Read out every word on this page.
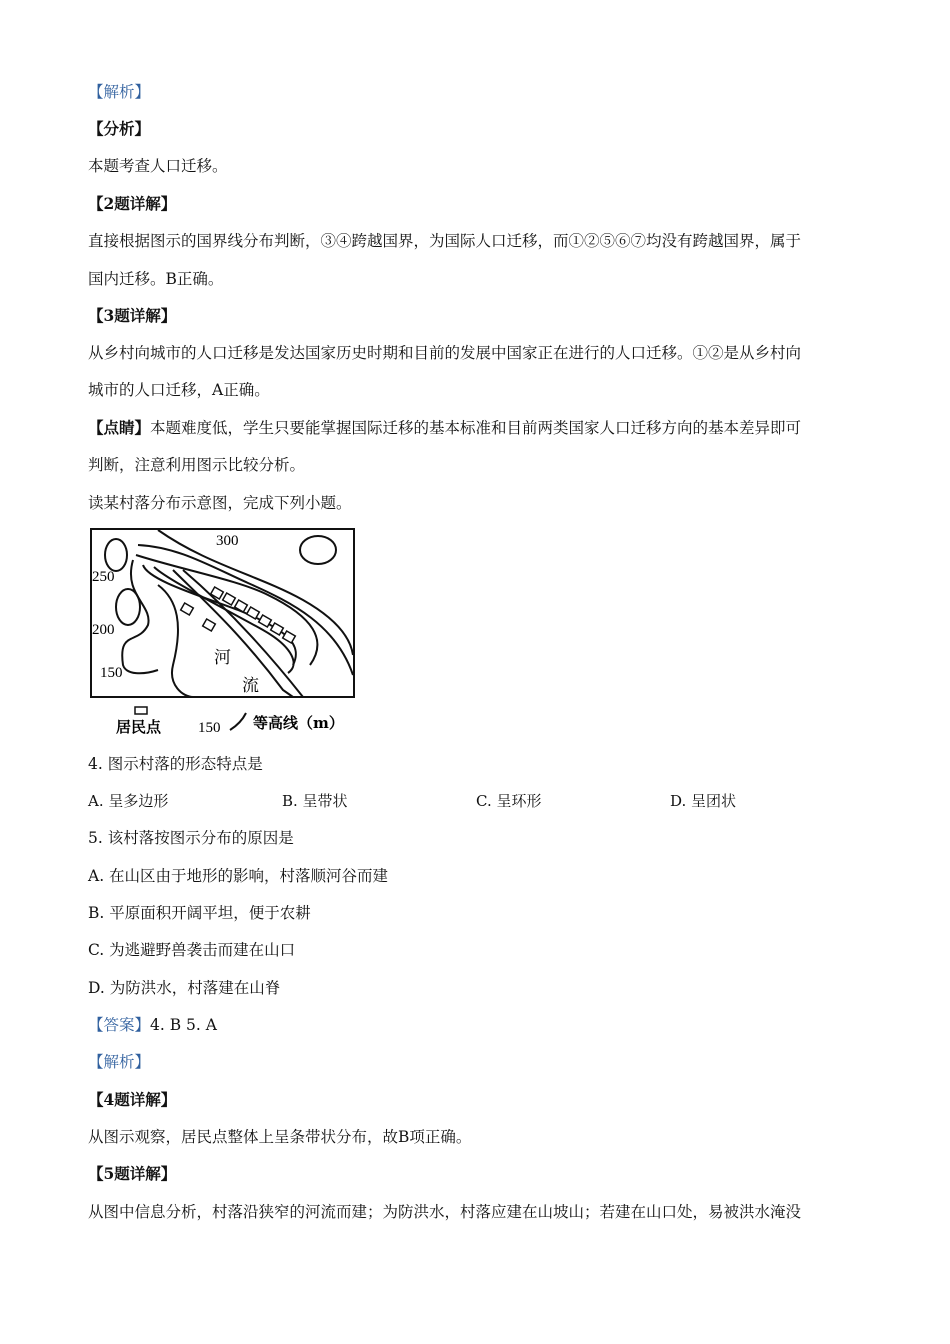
【解析】
【分析】
本题考查人口迁移。
【2题详解】
直接根据图示的国界线分布判断，③④跨越国界，为国际人口迁移，而①②⑤⑥⑦均没有跨越国界，属于
国内迁移。B正确。
【3题详解】
从乡村向城市的人口迁移是发达国家历史时期和目前的发展中国家正在进行的人口迁移。①②是从乡村向
城市的人口迁移，A正确。
【点睛】本题难度低，学生只要能掌握国际迁移的基本标准和目前两类国家人口迁移方向的基本差异即可
判断，注意利用图示比较分析。
读某村落分布示意图，完成下列小题。
300
250
200
150
河
流
居民点 150 等高线（m）
4. 图示村落的形态特点是
A. 呈多边形	B. 呈带状	C. 呈环形	D. 呈团状
5. 该村落按图示分布的原因是
A. 在山区由于地形的影响，村落顺河谷而建
B. 平原面积开阔平坦，便于农耕
C. 为逃避野兽袭击而建在山口
D. 为防洪水，村落建在山脊
【答案】4. B 5. A
【解析】
【4题详解】
从图示观察，居民点整体上呈条带状分布，故B项正确。
【5题详解】
从图中信息分析，村落沿狭窄的河流而建；为防洪水，村落应建在山坡山；若建在山口处，易被洪水淹没
